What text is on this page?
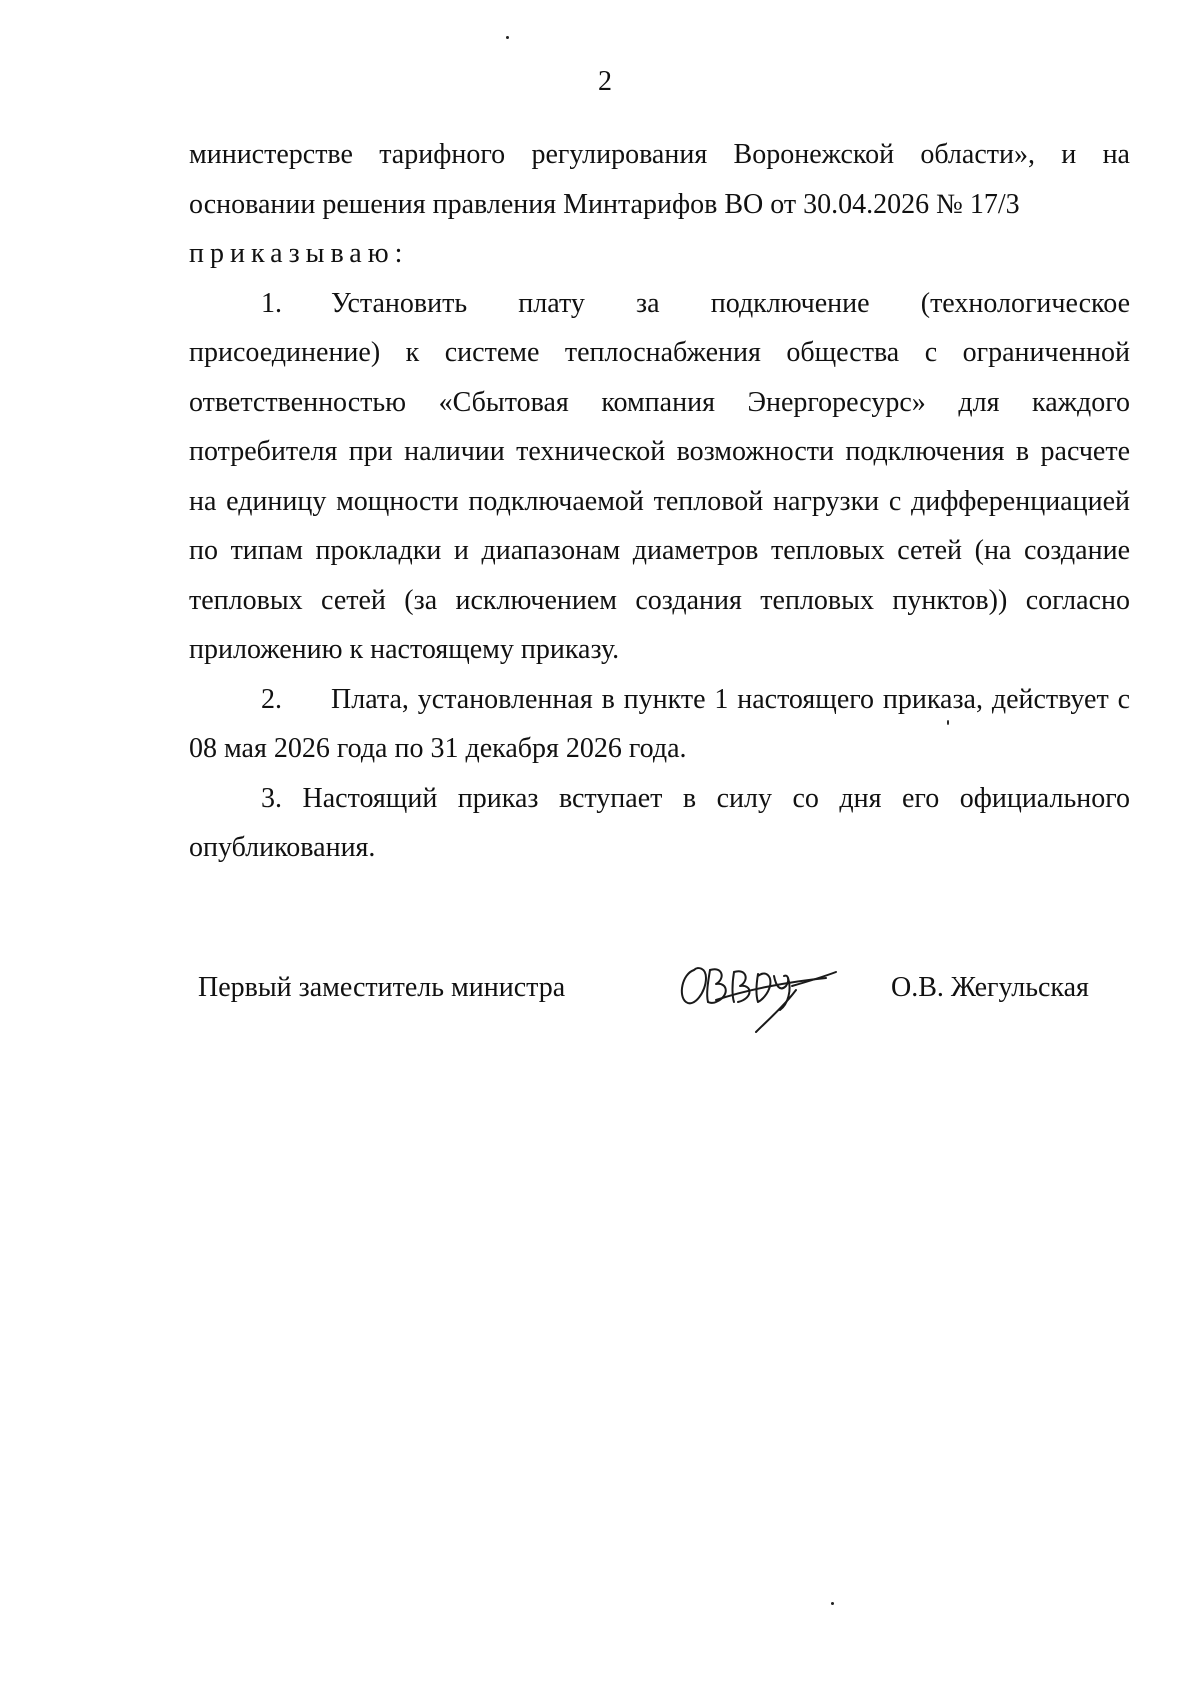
2
министерстве тарифного регулирования Воронежской области», и на
основании решения правления Минтарифов ВО от 30.04.2026 № 17/3
приказываю:
1. Установить плату за подключение (технологическое
присоединение) к системе теплоснабжения общества с ограниченной
ответственностью «Сбытовая компания Энергоресурс» для каждого
потребителя при наличии технической возможности подключения в расчете
на единицу мощности подключаемой тепловой нагрузки с дифференциацией
по типам прокладки и диапазонам диаметров тепловых сетей (на создание
тепловых сетей (за исключением создания тепловых пунктов)) согласно
приложению к настоящему приказу.
2. Плата, установленная в пункте 1 настоящего приказа, действует с
08 мая 2026 года по 31 декабря 2026 года.
3. Настоящий приказ вступает в силу со дня его официального
опубликования.
Первый заместитель министра	О.В. Жегульская
